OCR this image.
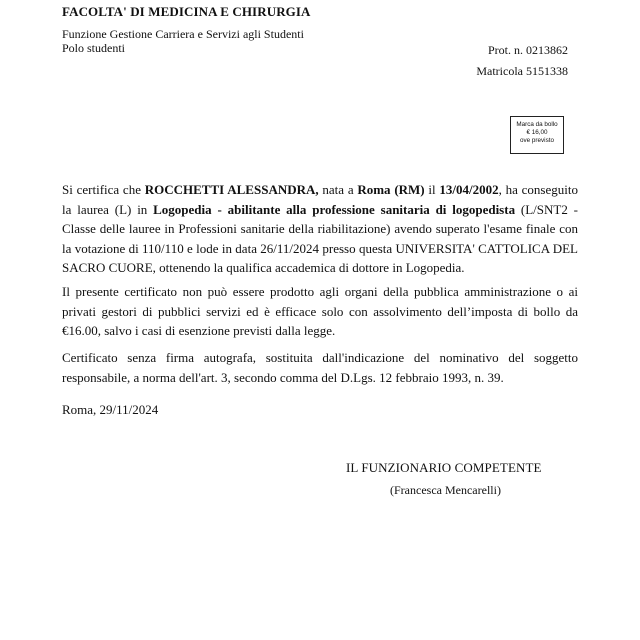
FACOLTA' DI MEDICINA E CHIRURGIA
Funzione Gestione Carriera e Servizi agli Studenti
Polo studenti	Prot. n. 0213862
Matricola 5151338
Marca da bollo
€ 16,00
ove previsto
Si certifica che ROCCHETTI ALESSANDRA, nata a Roma (RM) il 13/04/2002, ha conseguito la laurea (L) in Logopedia - abilitante alla professione sanitaria di logopedista (L/SNT2 - Classe delle lauree in Professioni sanitarie della riabilitazione) avendo superato l'esame finale con la votazione di 110/110 e lode in data 26/11/2024 presso questa UNIVERSITA' CATTOLICA DEL SACRO CUORE, ottenendo la qualifica accademica di dottore in Logopedia.
Il presente certificato non può essere prodotto agli organi della pubblica amministrazione o ai privati gestori di pubblici servizi ed è efficace solo con assolvimento dell’imposta di bollo da €16.00, salvo i casi di esenzione previsti dalla legge.
Certificato senza firma autografa, sostituita dall'indicazione del nominativo del soggetto responsabile, a norma dell'art. 3, secondo comma del D.Lgs. 12 febbraio 1993, n. 39.
Roma, 29/11/2024
IL FUNZIONARIO COMPETENTE
(Francesca Mencarelli)
